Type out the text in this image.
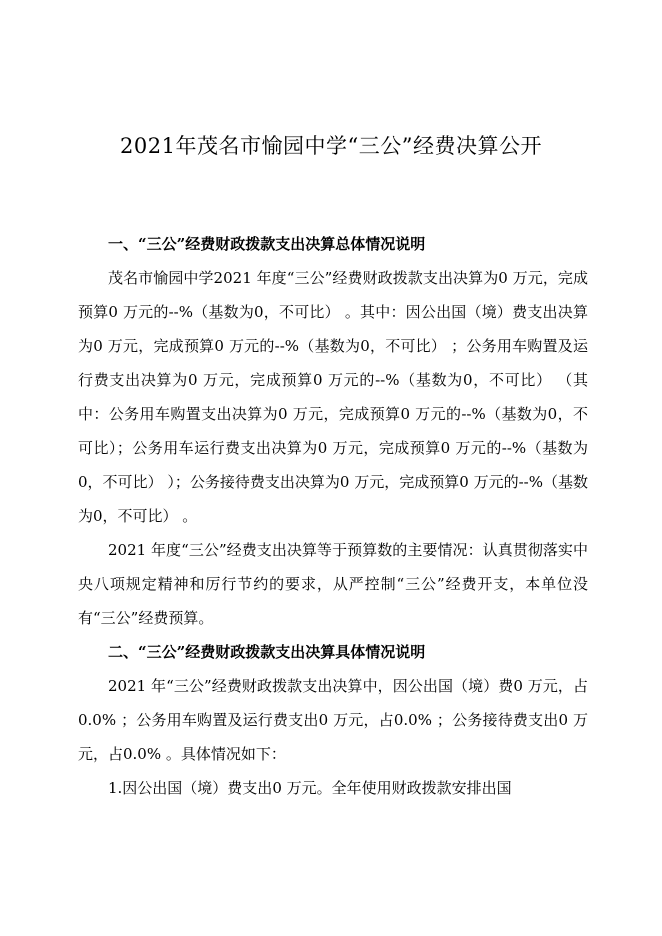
2021年茂名市愉园中学“三公”经费决算公开

一、“三公”经费财政拨款支出决算总体情况说明

茂名市愉园中学2021 年度“三公”经费财政拨款支出决算为0 万元，完成预算0 万元的--%（基数为0，不可比） 。其中：因公出国（境）费支出决算为0 万元，完成预算0 万元的--%（基数为0，不可比） ；公务用车购置及运行费支出决算为0 万元，完成预算0 万元的--%（基数为0，不可比） （其中：公务用车购置支出决算为0 万元，完成预算0 万元的--%（基数为0，不可比）；公务用车运行费支出决算为0 万元，完成预算0 万元的--%（基数为0，不可比） ）；公务接待费支出决算为0 万元，完成预算0 万元的--%（基数为0，不可比） 。

2021 年度“三公”经费支出决算等于预算数的主要情况：认真贯彻落实中央八项规定精神和厉行节约的要求，从严控制“三公”经费开支，本单位没有“三公”经费预算。

二、“三公”经费财政拨款支出决算具体情况说明

2021 年“三公”经费财政拨款支出决算中，因公出国（境）费0 万元，占0.0% ；公务用车购置及运行费支出0 万元，占0.0% ；公务接待费支出0 万元，占0.0% 。具体情况如下：

1.因公出国（境）费支出0 万元。全年使用财政拨款安排出国
